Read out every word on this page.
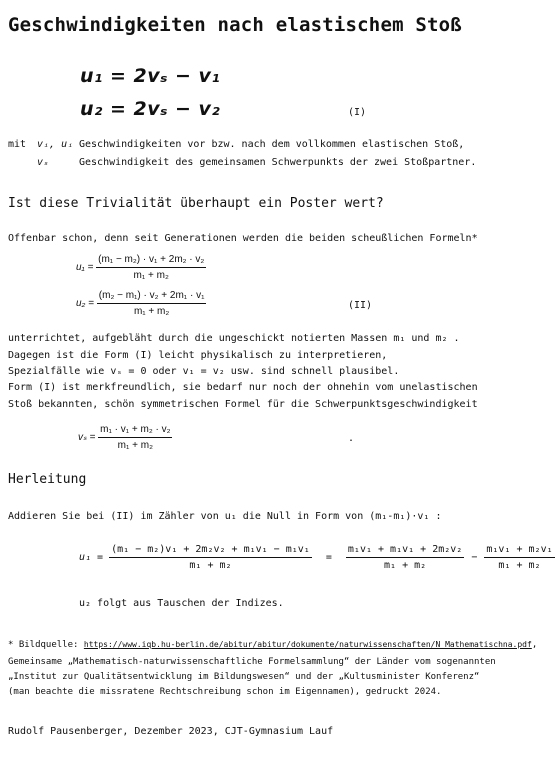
Geschwindigkeiten nach elastischem Stoß
u₁ = 2vₛ − v₁
u₂ = 2vₛ − v₂	(I)
mit vᵢ, uᵢ Geschwindigkeiten vor bzw. nach dem vollkommen elastischen Stoß,
vₛ	Geschwindigkeit des gemeinsamen Schwerpunkts der zwei Stoßpartner.
Ist diese Trivialität überhaupt ein Poster wert?
Offenbar schon, denn seit Generationen werden die beiden scheußlichen Formeln*
$u_1 = \frac{\text{(m₁ − m₂) · v₁ + 2m₂ · v₂}}{\text{m₁ + m₂}}$
$u_2 = \frac{\text{(m₂ − m₁) · v₂ + 2m₁ · v₁}}{\text{m₁ + m₂}}$	(II)
unterrichtet, aufgebläht durch die ungeschickt notierten Massen m₁ und m₂ .
Dagegen ist die Form (I) leicht physikalisch zu interpretieren,
Spezialfälle wie vₛ = 0 oder v₁ = v₂ usw. sind schnell plausibel.
Form (I) ist merkfreundlich, sie bedarf nur noch der ohnehin vom unelastischen
Stoß bekannten, schön symmetrischen Formel für die Schwerpunktsgeschwindigkeit
$v_s = \frac{\text{m₁ · v₁ + m₂ · v₂}}{\text{m₁ + m₂}}$	.
Herleitung
Addieren Sie bei (II) im Zähler von u₁ die Null in Form von (m₁-m₁)·v₁ :
$u_1 = \frac{\text{(m₁ − m₂)v₁ + 2m₂v₂ + m₁v₁ − m₁v₁}}{\text{m₁ + m₂}} = \frac{\text{m₁v₁ + m₁v₁ + 2m₂v₂}}{\text{m₁ + m₂}} - \frac{\text{m₁v₁ + m₂v₁}}{\text{m₁ + m₂}}$
u₂ folgt aus Tauschen der Indizes.
* Bildquelle: https://www.iqb.hu-berlin.de/abitur/abitur/dokumente/naturwissenschaften/N_Mathematischna.pdf,
Gemeinsame „Mathematisch-naturwissenschaftliche Formelsammlung“ der Länder vom sogenannten
„Institut zur Qualitätsentwicklung im Bildungswesen“ und der „Kultusminister Konferenz“
(man beachte die missratene Rechtschreibung schon im Eigennamen), gedruckt 2024.
Rudolf Pausenberger, Dezember 2023, CJT-Gymnasium Lauf
